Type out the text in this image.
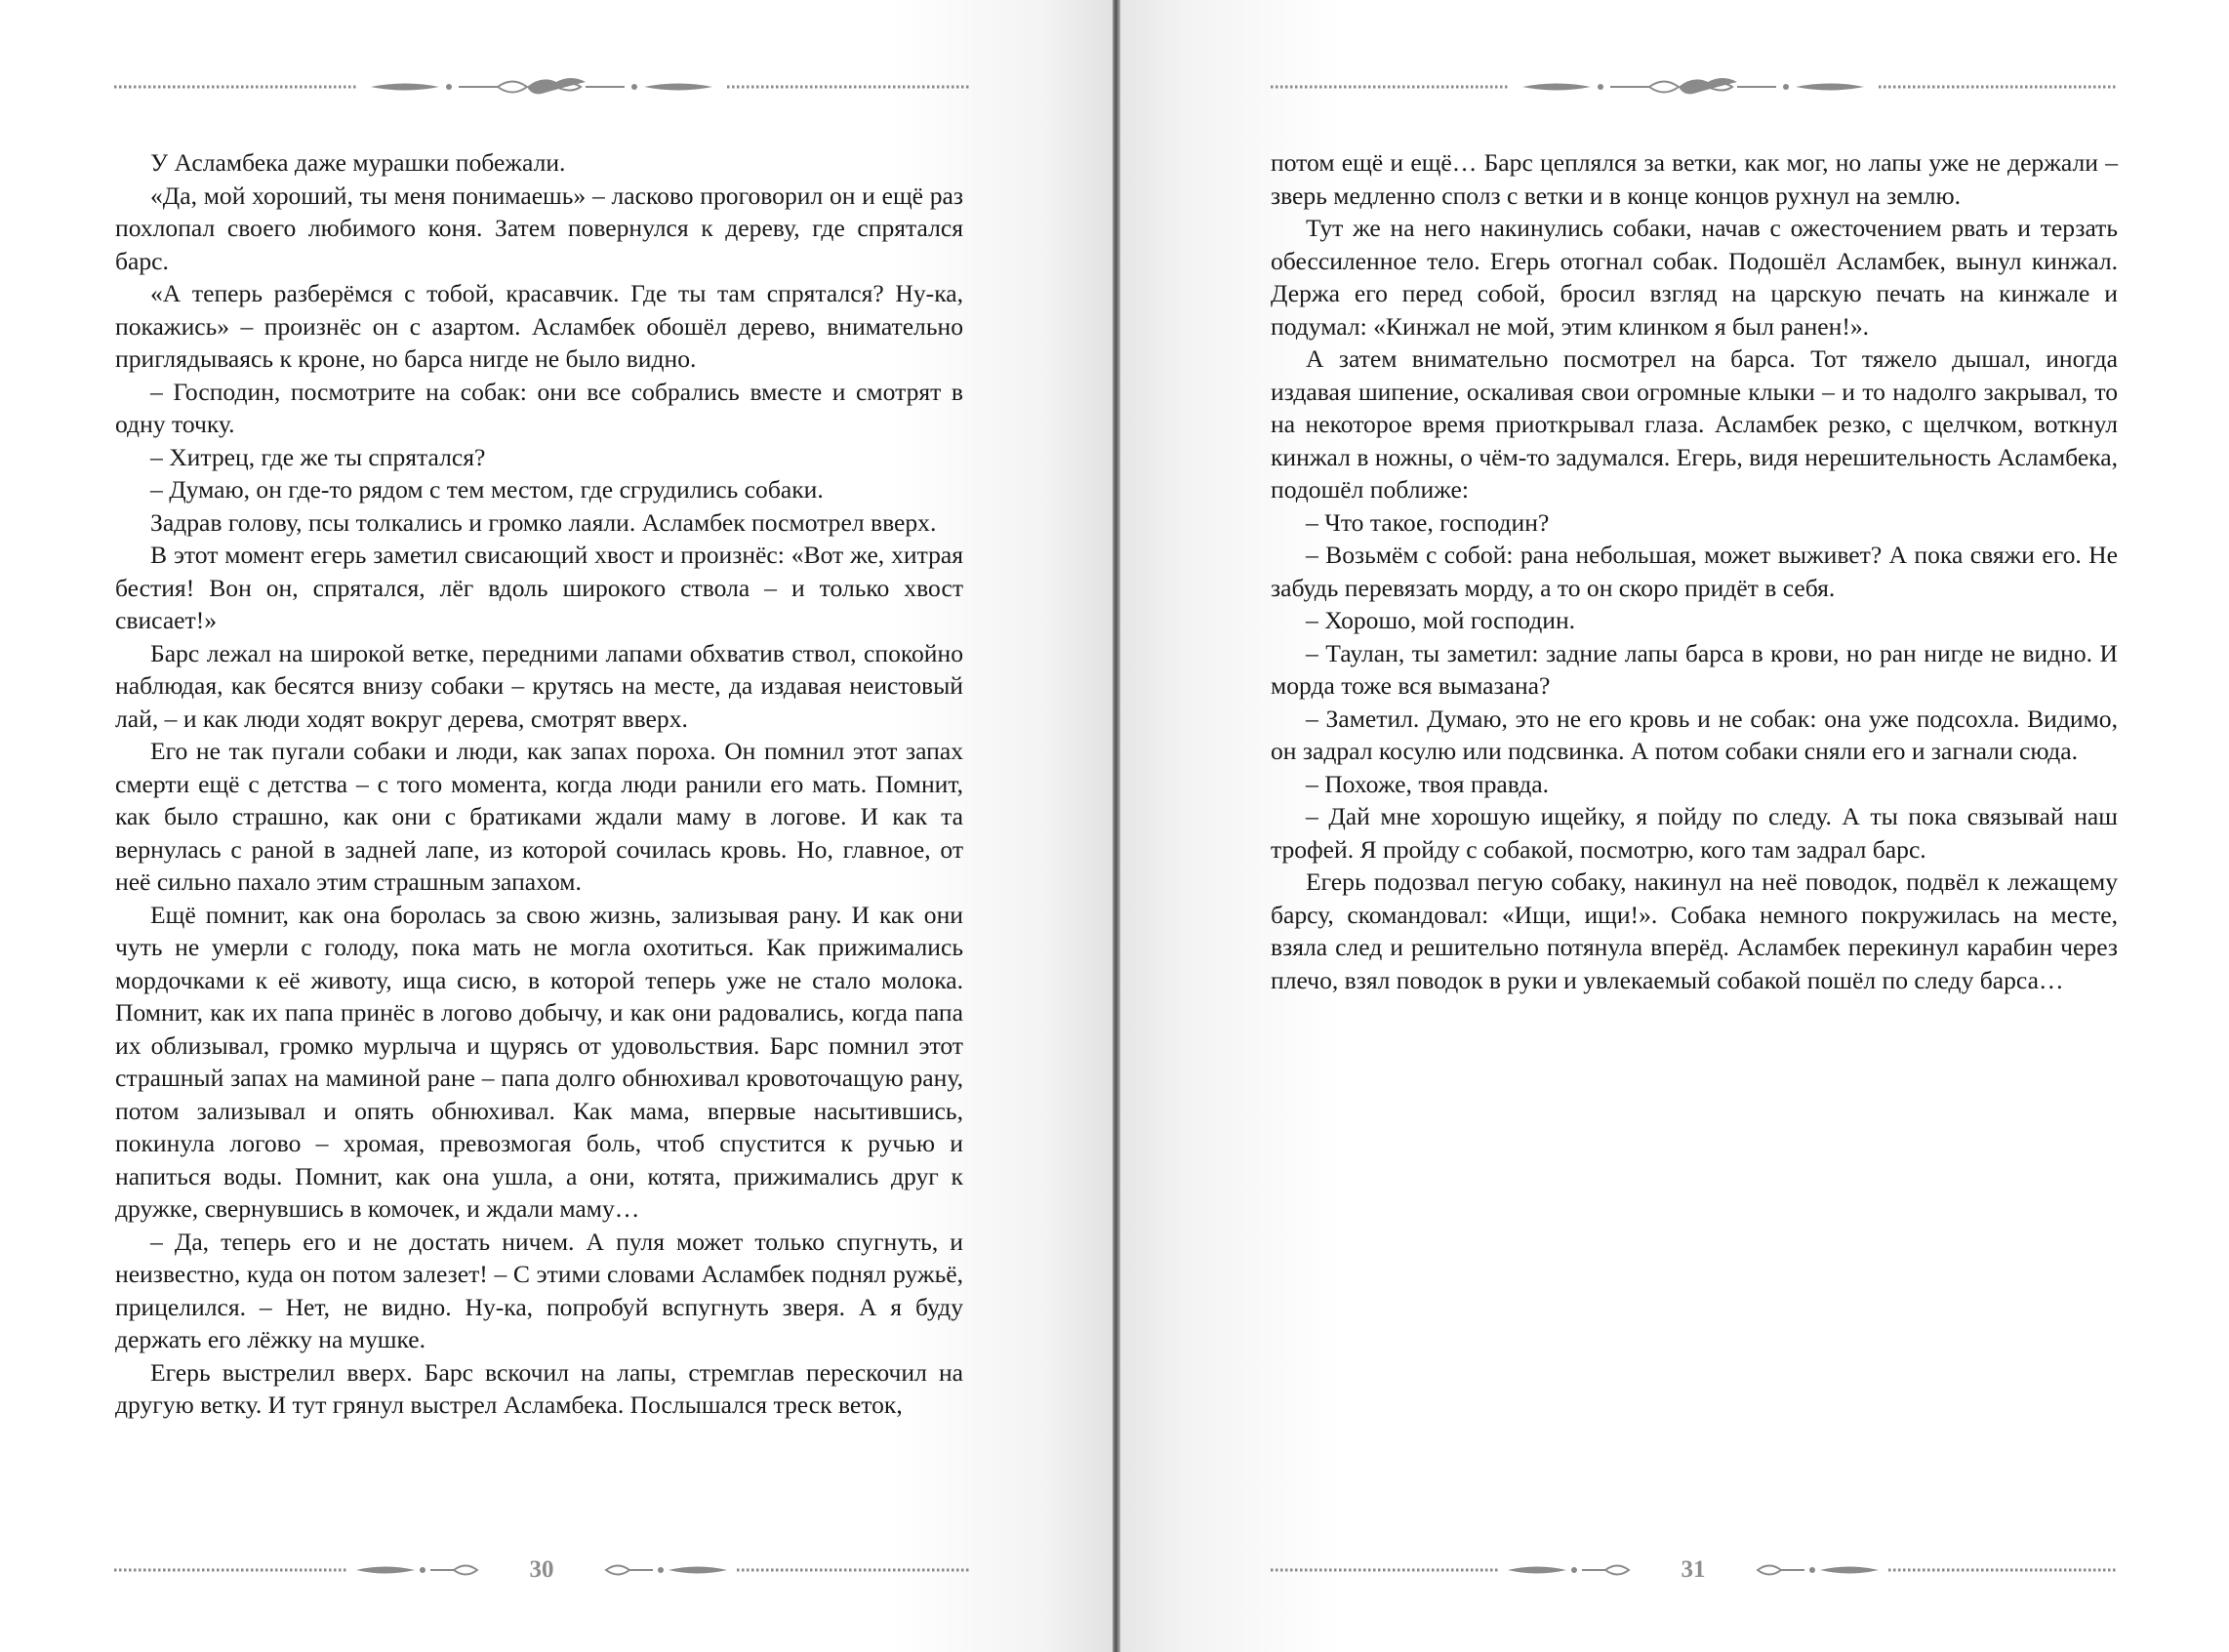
У Асламбека даже мурашки побежали.

«Да, мой хороший, ты меня понимаешь» – ласково проговорил он и ещё раз похлопал своего любимого коня. Затем повернулся к дереву, где спрятался барс.

«А теперь разберёмся с тобой, красавчик. Где ты там спрятался? Ну-ка, покажись» – произнёс он с азартом. Асламбек обошёл дерево, внимательно приглядываясь к кроне, но барса нигде не было видно.

– Господин, посмотрите на собак: они все собрались вместе и смотрят в одну точку.

– Хитрец, где же ты спрятался?

– Думаю, он где-то рядом с тем местом, где сгрудились собаки.

Задрав голову, псы толкались и громко лаяли. Асламбек посмотрел вверх.

В этот момент егерь заметил свисающий хвост и произнёс: «Вот же, хитрая бестия! Вон он, спрятался, лёг вдоль широкого ствола – и только хвост свисает!»

Барс лежал на широкой ветке, передними лапами обхватив ствол, спокойно наблюдая, как бесятся внизу собаки – крутясь на месте, да издавая неистовый лай, – и как люди ходят вокруг дерева, смотрят вверх.

Его не так пугали собаки и люди, как запах пороха. Он помнил этот запах смерти ещё с детства – с того момента, когда люди ранили его мать. Помнит, как было страшно, как они с братиками ждали маму в логове. И как та вернулась с раной в задней лапе, из которой сочилась кровь. Но, главное, от неё сильно пахало этим страшным запахом.

Ещё помнит, как она боролась за свою жизнь, зализывая рану. И как они чуть не умерли с голоду, пока мать не могла охотиться. Как прижимались мордочками к её животу, ища сисю, в которой теперь уже не стало молока. Помнит, как их папа принёс в логово добычу, и как они радовались, когда папа их облизывал, громко мурлыча и щурясь от удовольствия. Барс помнил этот страшный запах на маминой ране – папа долго обнюхивал кровоточащую рану, потом зализывал и опять обнюхивал. Как мама, впервые насытившись, покинула логово – хромая, превозмогая боль, чтоб спустится к ручью и напиться воды. Помнит, как она ушла, а они, котята, прижимались друг к дружке, свернувшись в комочек, и ждали маму…

– Да, теперь его и не достать ничем. А пуля может только спугнуть, и неизвестно, куда он потом залезет! – С этими словами Асламбек поднял ружьё, прицелился. – Нет, не видно. Ну-ка, попробуй вспугнуть зверя. А я буду держать его лёжку на мушке.

Егерь выстрелил вверх. Барс вскочил на лапы, стремглав перескочил на другую ветку. И тут грянул выстрел Асламбека. Послышался треск веток,

30

потом ещё и ещё… Барс цеплялся за ветки, как мог, но лапы уже не держали – зверь медленно сполз с ветки и в конце концов рухнул на землю.

Тут же на него накинулись собаки, начав с ожесточением рвать и терзать обессиленное тело. Егерь отогнал собак. Подошёл Асламбек, вынул кинжал. Держа его перед собой, бросил взгляд на царскую печать на кинжале и подумал: «Кинжал не мой, этим клинком я был ранен!».

А затем внимательно посмотрел на барса. Тот тяжело дышал, иногда издавая шипение, оскаливая свои огромные клыки – и то надолго закрывал, то на некоторое время приоткрывал глаза. Асламбек резко, с щелчком, воткнул кинжал в ножны, о чём-то задумался. Егерь, видя нерешительность Асламбека, подошёл поближе:

– Что такое, господин?

– Возьмём с собой: рана небольшая, может выживет? А пока свяжи его. Не забудь перевязать морду, а то он скоро придёт в себя.

– Хорошо, мой господин.

– Таулан, ты заметил: задние лапы барса в крови, но ран нигде не видно. И морда тоже вся вымазана?

– Заметил. Думаю, это не его кровь и не собак: она уже подсохла. Видимо, он задрал косулю или подсвинка. А потом собаки сняли его и загнали сюда.

– Похоже, твоя правда.

– Дай мне хорошую ищейку, я пойду по следу. А ты пока связывай наш трофей. Я пройду с собакой, посмотрю, кого там задрал барс.

Егерь подозвал пегую собаку, накинул на неё поводок, подвёл к лежащему барсу, скомандовал: «Ищи, ищи!». Собака немного покружилась на месте, взяла след и решительно потянула вперёд. Асламбек перекинул карабин через плечо, взял поводок в руки и увлекаемый собакой пошёл по следу барса…

31
